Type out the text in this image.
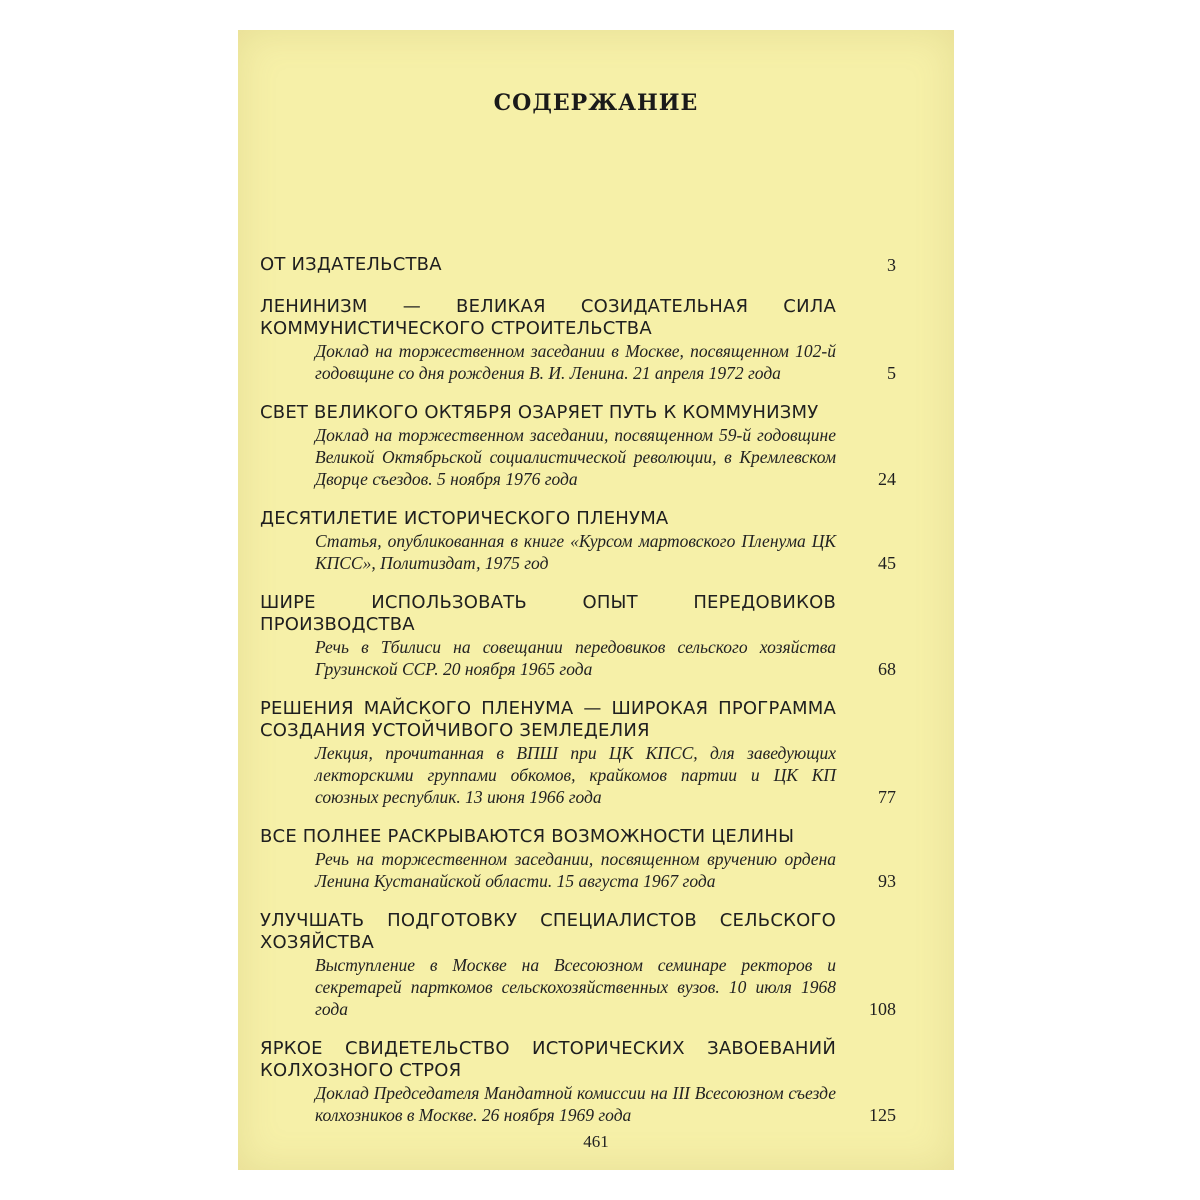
СОДЕРЖАНИЕ
ОТ ИЗДАТЕЛЬСТВА	3
ЛЕНИНИЗМ — ВЕЛИКАЯ СОЗИДАТЕЛЬНАЯ СИЛА КОММУНИСТИЧЕСКОГО СТРОИТЕЛЬСТВА
Доклад на торжественном заседании в Москве, посвященном 102-й годовщине со дня рождения В. И. Ленина. 21 апреля 1972 года	5
СВЕТ ВЕЛИКОГО ОКТЯБРЯ ОЗАРЯЕТ ПУТЬ К КОММУНИЗМУ
Доклад на торжественном заседании, посвященном 59-й годовщине Великой Октябрьской социалистической революции, в Кремлевском Дворце съездов. 5 ноября 1976 года	24
ДЕСЯТИЛЕТИЕ ИСТОРИЧЕСКОГО ПЛЕНУМА
Статья, опубликованная в книге «Курсом мартовского Пленума ЦК КПСС», Политиздат, 1975 год	45
ШИРЕ ИСПОЛЬЗОВАТЬ ОПЫТ ПЕРЕДОВИКОВ ПРОИЗВОДСТВА
Речь в Тбилиси на совещании передовиков сельского хозяйства Грузинской ССР. 20 ноября 1965 года	68
РЕШЕНИЯ МАЙСКОГО ПЛЕНУМА — ШИРОКАЯ ПРОГРАММА СОЗДАНИЯ УСТОЙЧИВОГО ЗЕМЛЕДЕЛИЯ
Лекция, прочитанная в ВПШ при ЦК КПСС, для заведующих лекторскими группами обкомов, крайкомов партии и ЦК КП союзных республик. 13 июня 1966 года	77
ВСЕ ПОЛНЕЕ РАСКРЫВАЮТСЯ ВОЗМОЖНОСТИ ЦЕЛИНЫ
Речь на торжественном заседании, посвященном вручению ордена Ленина Кустанайской области. 15 августа 1967 года	93
УЛУЧШАТЬ ПОДГОТОВКУ СПЕЦИАЛИСТОВ СЕЛЬСКОГО ХОЗЯЙСТВА
Выступление в Москве на Всесоюзном семинаре ректоров и секретарей парткомов сельскохозяйственных вузов. 10 июля 1968 года	108
ЯРКОЕ СВИДЕТЕЛЬСТВО ИСТОРИЧЕСКИХ ЗАВОЕВАНИЙ КОЛХОЗНОГО СТРОЯ
Доклад Председателя Мандатной комиссии на III Всесоюзном съезде колхозников в Москве. 26 ноября 1969 года	125
461
